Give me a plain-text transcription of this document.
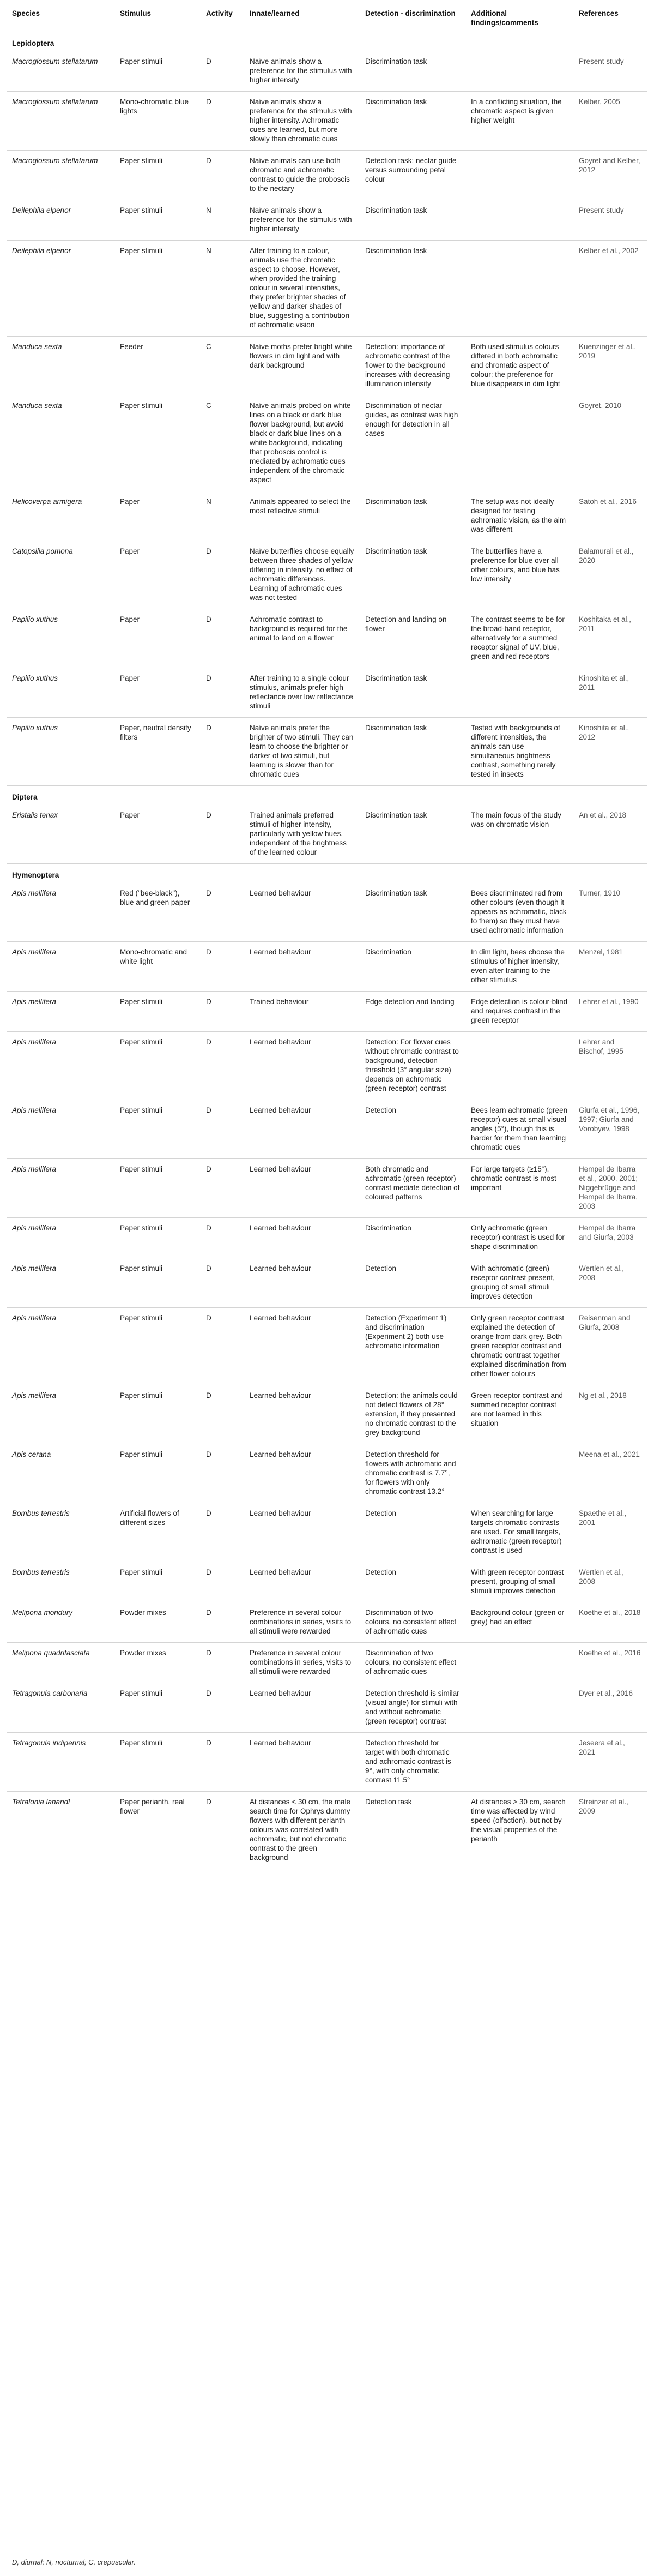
Species	Stimulus	Activity	Innate/learned	Detection - discrimination	Additional findings/comments	References
Lepidoptera						
Macroglossum stellatarum	Paper stimuli	D	Naïve animals show a preference for the stimulus with higher intensity	Discrimination task		Present study
Macroglossum stellatarum	Mono-chromatic blue lights	D	Naïve animals show a preference for the stimulus with higher intensity. Achromatic cues are learned, but more slowly than chromatic cues	Discrimination task	In a conflicting situation, the chromatic aspect is given higher weight	Kelber, 2005
Macroglossum stellatarum	Paper stimuli	D	Naïve animals can use both chromatic and achromatic contrast to guide the proboscis to the nectary	Detection task: nectar guide versus surrounding petal colour		Goyret and Kelber, 2012
Deilephila elpenor	Paper stimuli	N	Naïve animals show a preference for the stimulus with higher intensity	Discrimination task		Present study
Deilephila elpenor	Paper stimuli	N	After training to a colour, animals use the chromatic aspect to choose. However, when provided the training colour in several intensities, they prefer brighter shades of yellow and darker shades of blue, suggesting a contribution of achromatic vision	Discrimination task		Kelber et al., 2002
Manduca sexta	Feeder	C	Naïve moths prefer bright white flowers in dim light and with dark background	Detection: importance of achromatic contrast of the flower to the background increases with decreasing illumination intensity	Both used stimulus colours differed in both achromatic and chromatic aspect of colour; the preference for blue disappears in dim light	Kuenzinger et al., 2019
Manduca sexta	Paper stimuli	C	Naïve animals probed on white lines on a black or dark blue flower background, but avoid black or dark blue lines on a white background, indicating that proboscis control is mediated by achromatic cues independent of the chromatic aspect	Discrimination of nectar guides, as contrast was high enough for detection in all cases		Goyret, 2010
Helicoverpa armigera	Paper	N	Animals appeared to select the most reflective stimuli	Discrimination task	The setup was not ideally designed for testing achromatic vision, as the aim was different	Satoh et al., 2016
Catopsilia pomona	Paper	D	Naïve butterflies choose equally between three shades of yellow differing in intensity, no effect of achromatic differences. Learning of achromatic cues was not tested	Discrimination task	The butterflies have a preference for blue over all other colours, and blue has low intensity	Balamurali et al., 2020
Papilio xuthus	Paper	D	Achromatic contrast to background is required for the animal to land on a flower	Detection and landing on flower	The contrast seems to be for the broad-band receptor, alternatively for a summed receptor signal of UV, blue, green and red receptors	Koshitaka et al., 2011
Papilio xuthus	Paper	D	After training to a single colour stimulus, animals prefer high reflectance over low reflectance stimuli	Discrimination task		Kinoshita et al., 2011
Papilio xuthus	Paper, neutral density filters	D	Naïve animals prefer the brighter of two stimuli. They can learn to choose the brighter or darker of two stimuli, but learning is slower than for chromatic cues	Discrimination task	Tested with backgrounds of different intensities, the animals can use simultaneous brightness contrast, something rarely tested in insects	Kinoshita et al., 2012
Diptera						
Eristalis tenax	Paper	D	Trained animals preferred stimuli of higher intensity, particularly with yellow hues, independent of the brightness of the learned colour	Discrimination task	The main focus of the study was on chromatic vision	An et al., 2018
Hymenoptera						
Apis mellifera	Red ("bee-black"), blue and green paper	D	Learned behaviour	Discrimination task	Bees discriminated red from other colours (even though it appears as achromatic, black to them) so they must have used achromatic information	Turner, 1910
Apis mellifera	Mono-chromatic and white light	D	Learned behaviour	Discrimination	In dim light, bees choose the stimulus of higher intensity, even after training to the other stimulus	Menzel, 1981
Apis mellifera	Paper stimuli	D	Trained behaviour	Edge detection and landing	Edge detection is colour-blind and requires contrast in the green receptor	Lehrer et al., 1990
Apis mellifera	Paper stimuli	D	Learned behaviour	Detection: For flower cues without chromatic contrast to background, detection threshold (3° angular size) depends on achromatic (green receptor) contrast		Lehrer and Bischof, 1995
Apis mellifera	Paper stimuli	D	Learned behaviour	Detection	Bees learn achromatic (green receptor) cues at small visual angles (5°), though this is harder for them than learning chromatic cues	Giurfa et al., 1996, 1997; Giurfa and Vorobyev, 1998
Apis mellifera	Paper stimuli	D	Learned behaviour	Both chromatic and achromatic (green receptor) contrast mediate detection of coloured patterns	For large targets (≥15°), chromatic contrast is most important	Hempel de Ibarra et al., 2000, 2001; Niggebrügge and Hempel de Ibarra, 2003
Apis mellifera	Paper stimuli	D	Learned behaviour	Discrimination	Only achromatic (green receptor) contrast is used for shape discrimination	Hempel de Ibarra and Giurfa, 2003
Apis mellifera	Paper stimuli	D	Learned behaviour	Detection	With achromatic (green) receptor contrast present, grouping of small stimuli improves detection	Wertlen et al., 2008
Apis mellifera	Paper stimuli	D	Learned behaviour	Detection (Experiment 1) and discrimination (Experiment 2) both use achromatic information	Only green receptor contrast explained the detection of orange from dark grey. Both green receptor contrast and chromatic contrast together explained discrimination from other flower colours	Reisenman and Giurfa, 2008
Apis mellifera	Paper stimuli	D	Learned behaviour	Detection: the animals could not detect flowers of 28° extension, if they presented no chromatic contrast to the grey background	Green receptor contrast and summed receptor contrast are not learned in this situation	Ng et al., 2018
Apis cerana	Paper stimuli	D	Learned behaviour	Detection threshold for flowers with achromatic and chromatic contrast is 7.7°, for flowers with only chromatic contrast 13.2°		Meena et al., 2021
Bombus terrestris	Artificial flowers of different sizes	D	Learned behaviour	Detection	When searching for large targets chromatic contrasts are used. For small targets, achromatic (green receptor) contrast is used	Spaethe et al., 2001
Bombus terrestris	Paper stimuli	D	Learned behaviour	Detection	With green receptor contrast present, grouping of small stimuli improves detection	Wertlen et al., 2008
Melipona mondury	Powder mixes	D	Preference in several colour combinations in series, visits to all stimuli were rewarded	Discrimination of two colours, no consistent effect of achromatic cues	Background colour (green or grey) had an effect	Koethe et al., 2018
Melipona quadrifasciata	Powder mixes	D	Preference in several colour combinations in series, visits to all stimuli were rewarded	Discrimination of two colours, no consistent effect of achromatic cues		Koethe et al., 2016
Tetragonula carbonaria	Paper stimuli	D	Learned behaviour	Detection threshold is similar (visual angle) for stimuli with and without achromatic (green receptor) contrast		Dyer et al., 2016
Tetragonula iridipennis	Paper stimuli	D	Learned behaviour	Detection threshold for target with both chromatic and achromatic contrast is 9°, with only chromatic contrast 11.5°		Jeseera et al., 2021
Tetralonia lanandl	Paper perianth, real flower	D	At distances < 30 cm, the male search time for Ophrys dummy flowers with different perianth colours was correlated with achromatic, but not chromatic contrast to the green background	Detection task	At distances > 30 cm, search time was affected by wind speed (olfaction), but not by the visual properties of the perianth	Streinzer et al., 2009
D, diurnal; N, nocturnal; C, crepuscular.
